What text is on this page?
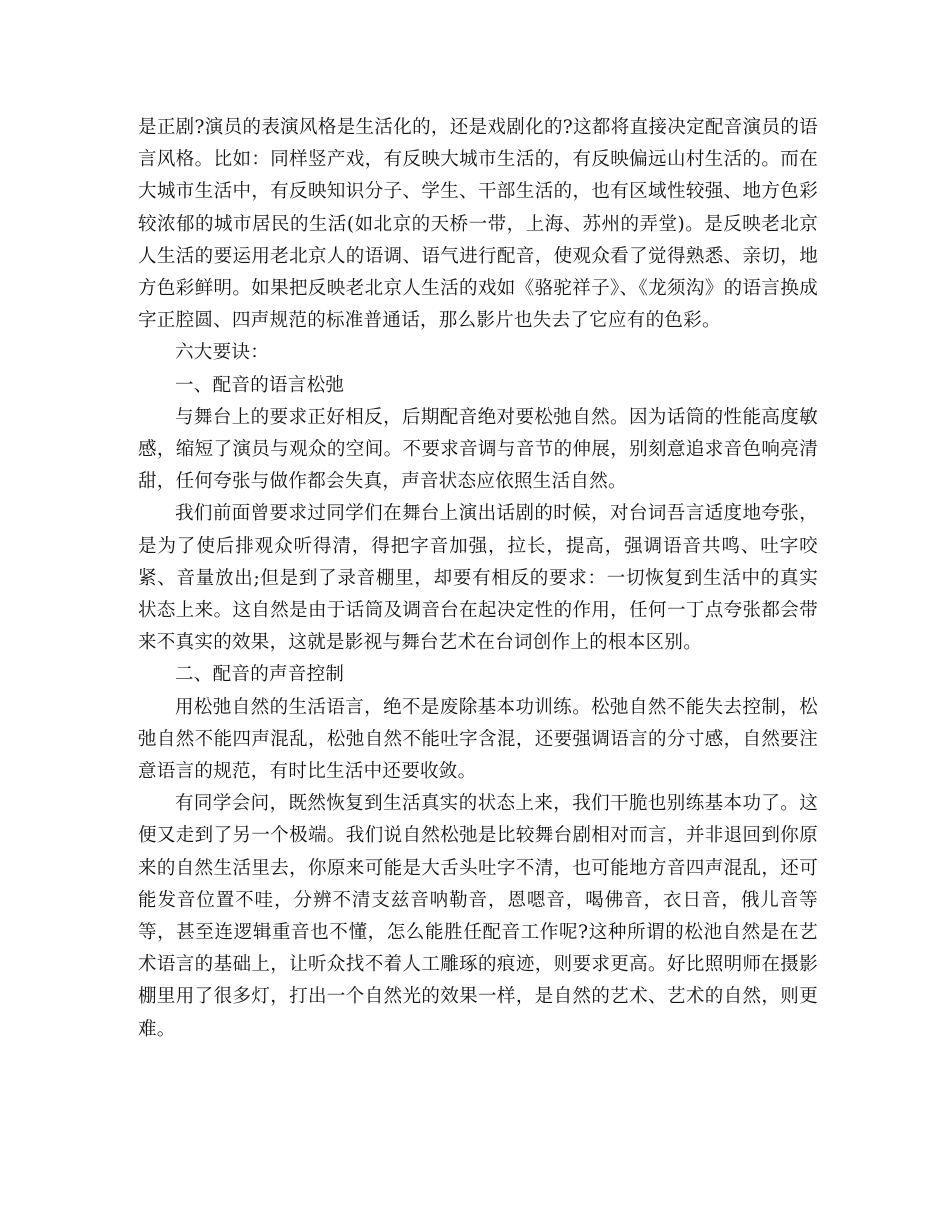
是正剧?演员的表演风格是生活化的，还是戏剧化的?这都将直接决定配音演员的语言风格。比如：同样竖产戏，有反映大城市生活的，有反映偏远山村生活的。而在大城市生活中，有反映知识分子、学生、干部生活的，也有区域性较强、地方色彩较浓郁的城市居民的生活(如北京的天桥一带，上海、苏州的弄堂)。是反映老北京人生活的要运用老北京人的语调、语气进行配音，使观众看了觉得熟悉、亲切，地方色彩鲜明。如果把反映老北京人生活的戏如《骆驼祥子》、《龙须沟》的语言换成字正腔圆、四声规范的标准普通话，那么影片也失去了它应有的色彩。

六大要诀：

一、配音的语言松弛

与舞台上的要求正好相反，后期配音绝对要松弛自然。因为话筒的性能高度敏感，缩短了演员与观众的空间。不要求音调与音节的伸展，别刻意追求音色响亮清甜，任何夸张与做作都会失真，声音状态应依照生活自然。

我们前面曾要求过同学们在舞台上演出话剧的时候，对台词吾言适度地夸张，是为了使后排观众听得清，得把字音加强，拉长，提高，强调语音共鸣、吐字咬紧、音量放出;但是到了录音棚里，却要有相反的要求：一切恢复到生活中的真实状态上来。这自然是由于话筒及调音台在起决定性的作用，任何一丁点夸张都会带来不真实的效果，这就是影视与舞台艺术在台词创作上的根本区别。

二、配音的声音控制

用松弛自然的生活语言，绝不是废除基本功训练。松弛自然不能失去控制，松弛自然不能四声混乱，松弛自然不能吐字含混，还要强调语言的分寸感，自然要注意语言的规范，有时比生活中还要收敛。

有同学会问，既然恢复到生活真实的状态上来，我们干脆也别练基本功了。这便又走到了另一个极端。我们说自然松弛是比较舞台剧相对而言，并非退回到你原来的自然生活里去，你原来可能是大舌头吐字不清，也可能地方音四声混乱，还可能发音位置不哇，分辨不清支兹音呐勒音，恩嗯音，喝佛音，衣日音，俄儿音等等，甚至连逻辑重音也不懂，怎么能胜任配音工作呢?这种所谓的松池自然是在艺术语言的基础上，让听众找不着人工雕琢的痕迹，则要求更高。好比照明师在摄影棚里用了很多灯，打出一个自然光的效果一样，是自然的艺术、艺术的自然，则更难。
